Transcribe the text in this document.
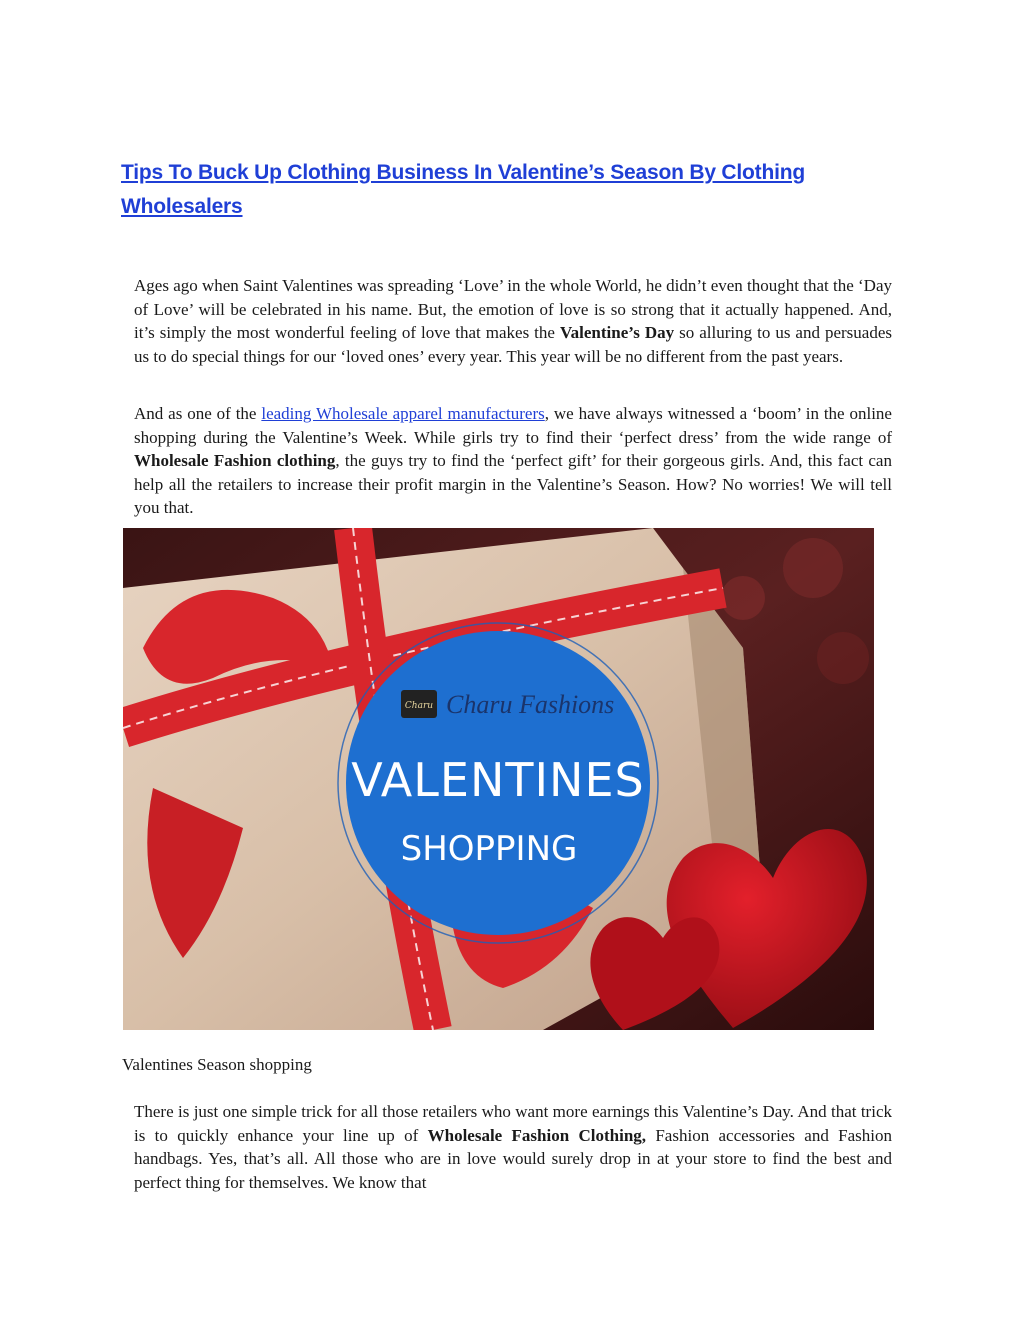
Tips To Buck Up Clothing Business In Valentine’s Season By Clothing Wholesalers

Ages ago when Saint Valentines was spreading ‘Love’ in the whole World, he didn’t even thought that the ‘Day of Love’ will be celebrated in his name. But, the emotion of love is so strong that it actually happened. And, it’s simply the most wonderful feeling of love that makes the Valentine’s Day so alluring to us and persuades us to do special things for our ‘loved ones’ every year. This year will be no different from the past years.

And as one of the leading Wholesale apparel manufacturers, we have always witnessed a ‘boom’ in the online shopping during the Valentine’s Week. While girls try to find their ‘perfect dress’ from the wide range of Wholesale Fashion clothing, the guys try to find the ‘perfect gift’ for their gorgeous girls. And, this fact can help all the retailers to increase their profit margin in the Valentine’s Season. How? No worries! We will tell you that.

Charu Charu Fashions
VALENTINES
SHOPPING
Valentines Season shopping

There is just one simple trick for all those retailers who want more earnings this Valentine’s Day. And that trick is to quickly enhance your line up of Wholesale Fashion Clothing, Fashion accessories and Fashion handbags. Yes, that’s all. All those who are in love would surely drop in at your store to find the best and perfect thing for themselves. We know that
